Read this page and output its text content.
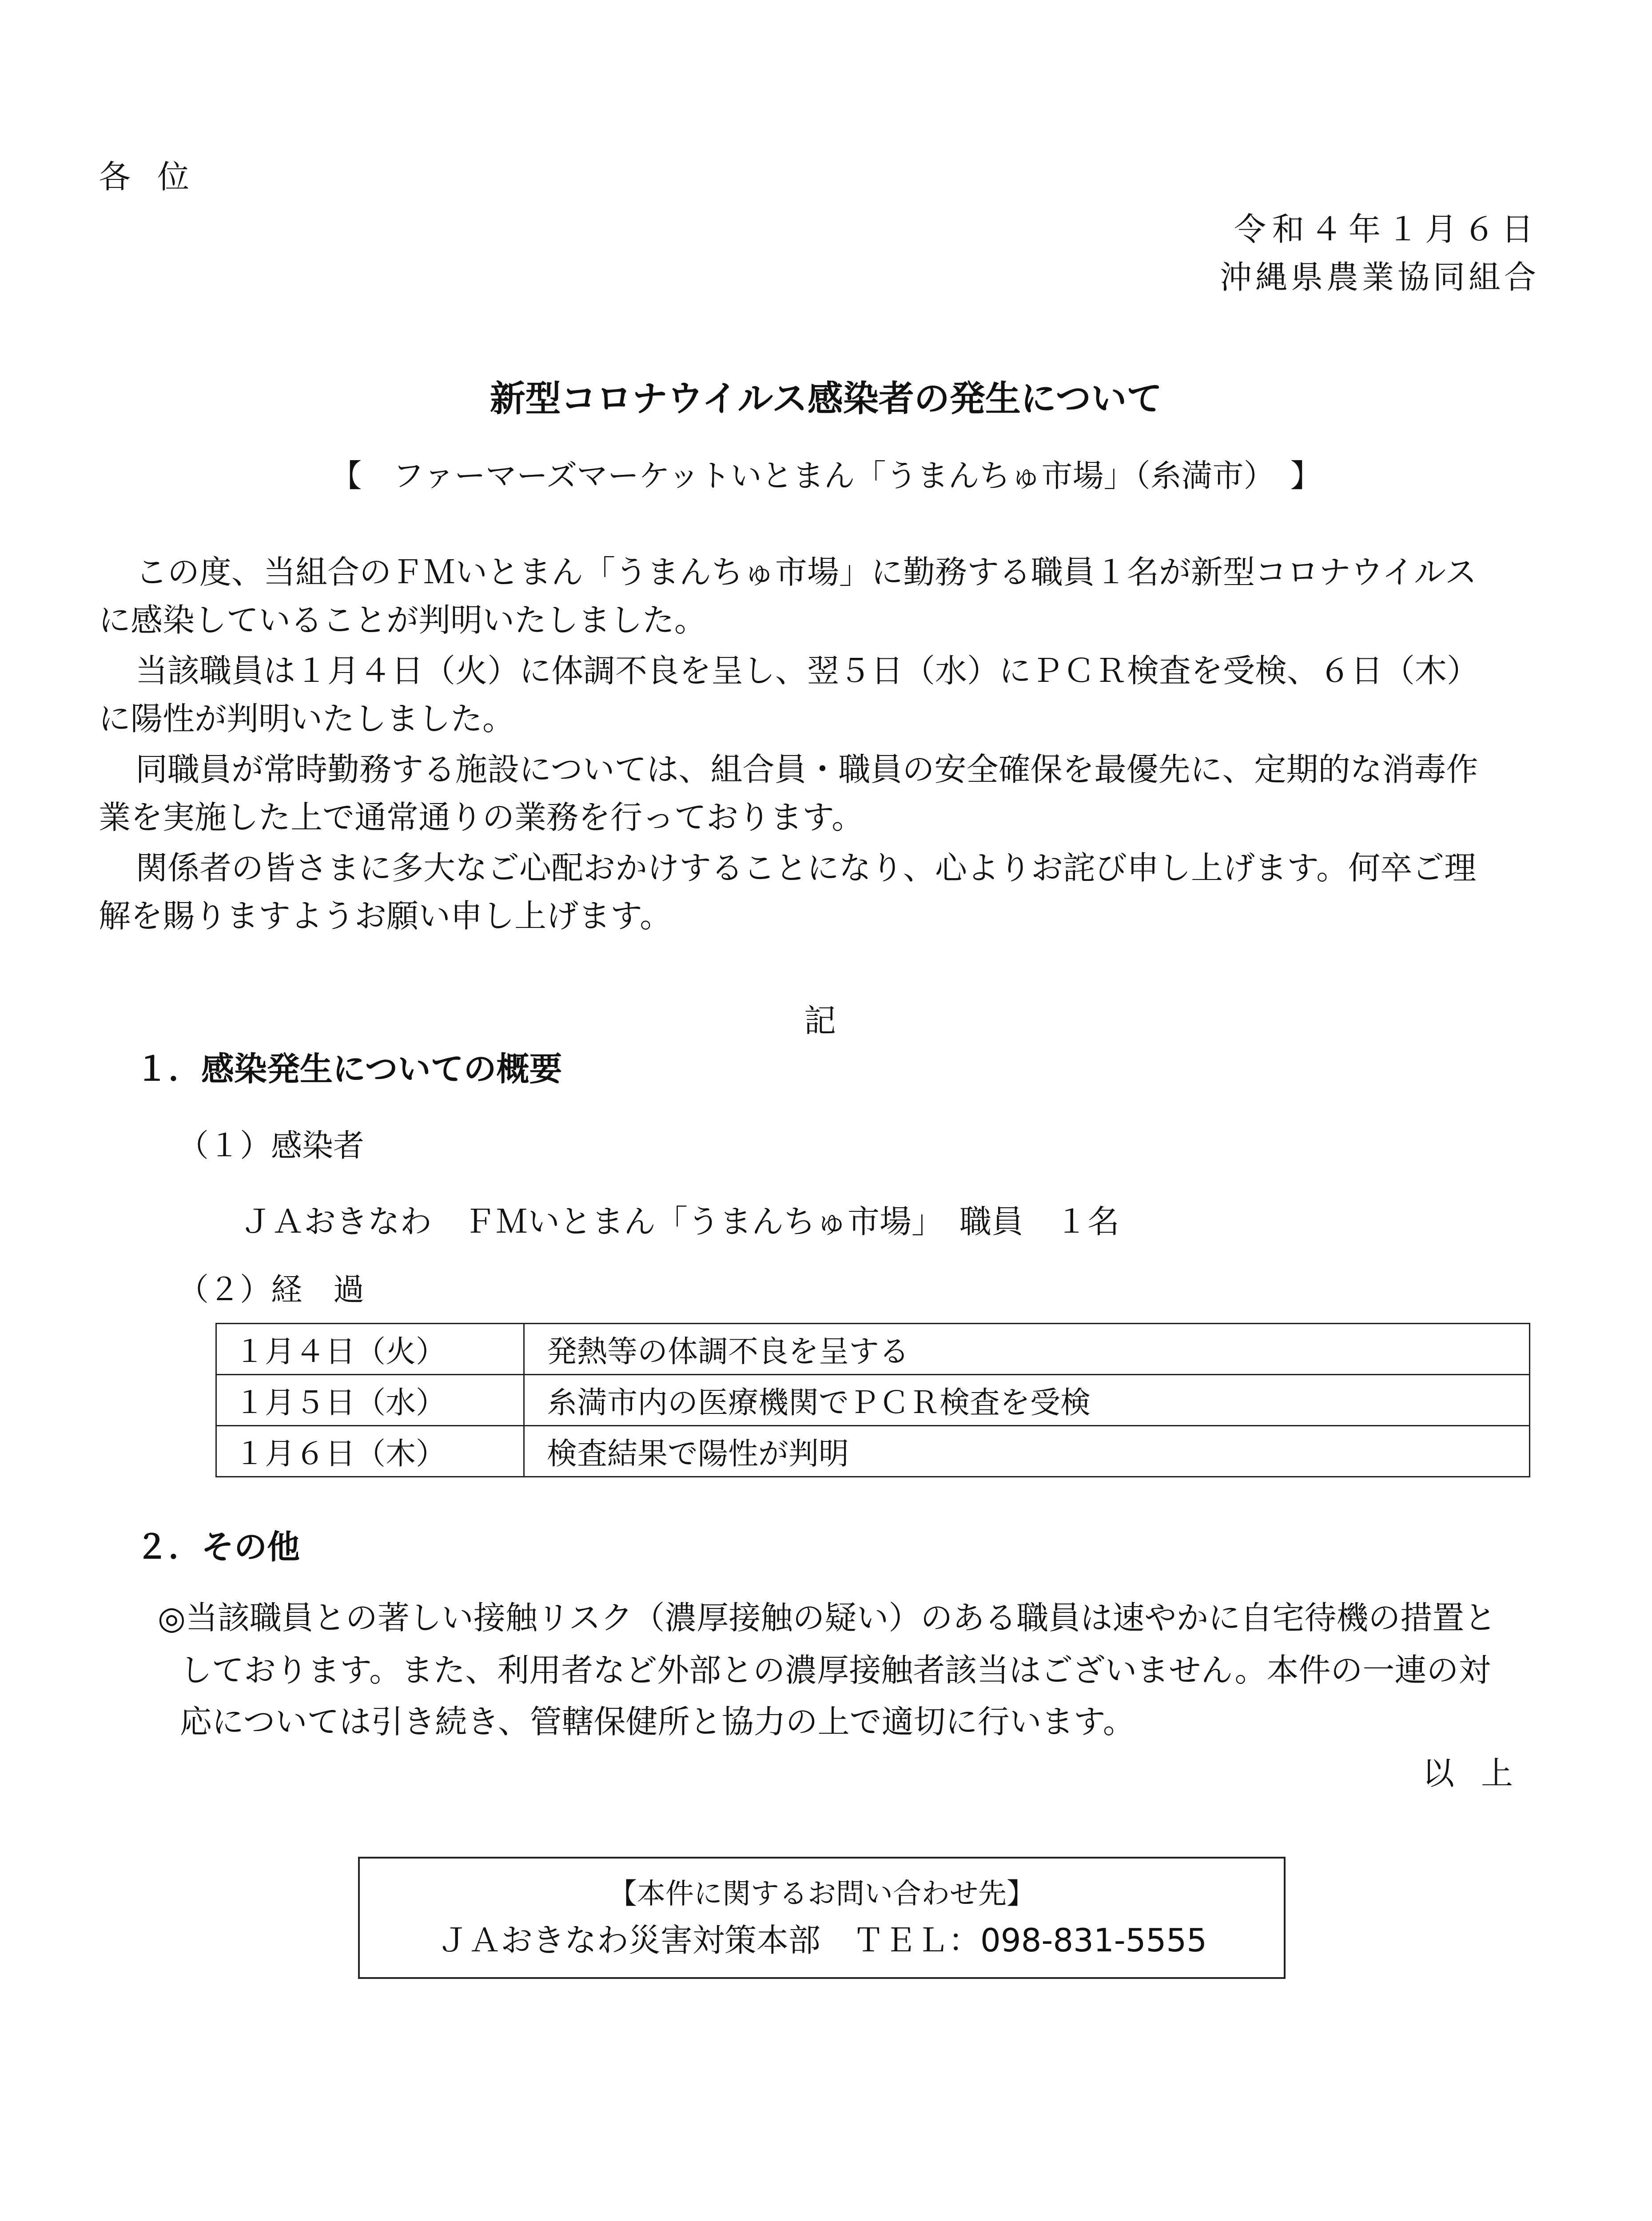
各位
令和４年１月６日
沖縄県農業協同組合
新型コロナウイルス感染者の発生について
【　ファーマーズマーケットいとまん「うまんちゅ市場」（糸満市）　】
この度、当組合のＦＭいとまん「うまんちゅ市場」に勤務する職員１名が新型コロナウイルス
に感染していることが判明いたしました。
当該職員は１月４日（火）に体調不良を呈し、翌５日（水）にＰＣＲ検査を受検、６日（木）
に陽性が判明いたしました。
同職員が常時勤務する施設については、組合員・職員の安全確保を最優先に、定期的な消毒作
業を実施した上で通常通りの業務を行っております。
関係者の皆さまに多大なご心配おかけすることになり、心よりお詫び申し上げます。何卒ご理
解を賜りますようお願い申し上げます。
記
１．感染発生についての概要
（１）感染者
ＪＡおきなわ　ＦＭいとまん「うまんちゅ市場」　職員　１名
（２）経　過
１月４日（火）	発熱等の体調不良を呈する
１月５日（水）	糸満市内の医療機関でＰＣＲ検査を受検
１月６日（木）	検査結果で陽性が判明
２．その他
◎当該職員との著しい接触リスク（濃厚接触の疑い）のある職員は速やかに自宅待機の措置と
しております。また、利用者など外部との濃厚接触者該当はございません。本件の一連の対
応については引き続き、管轄保健所と協力の上で適切に行います。
以上
【本件に関するお問い合わせ先】
ＪＡおきなわ災害対策本部　ＴＥＬ：098-831-5555
